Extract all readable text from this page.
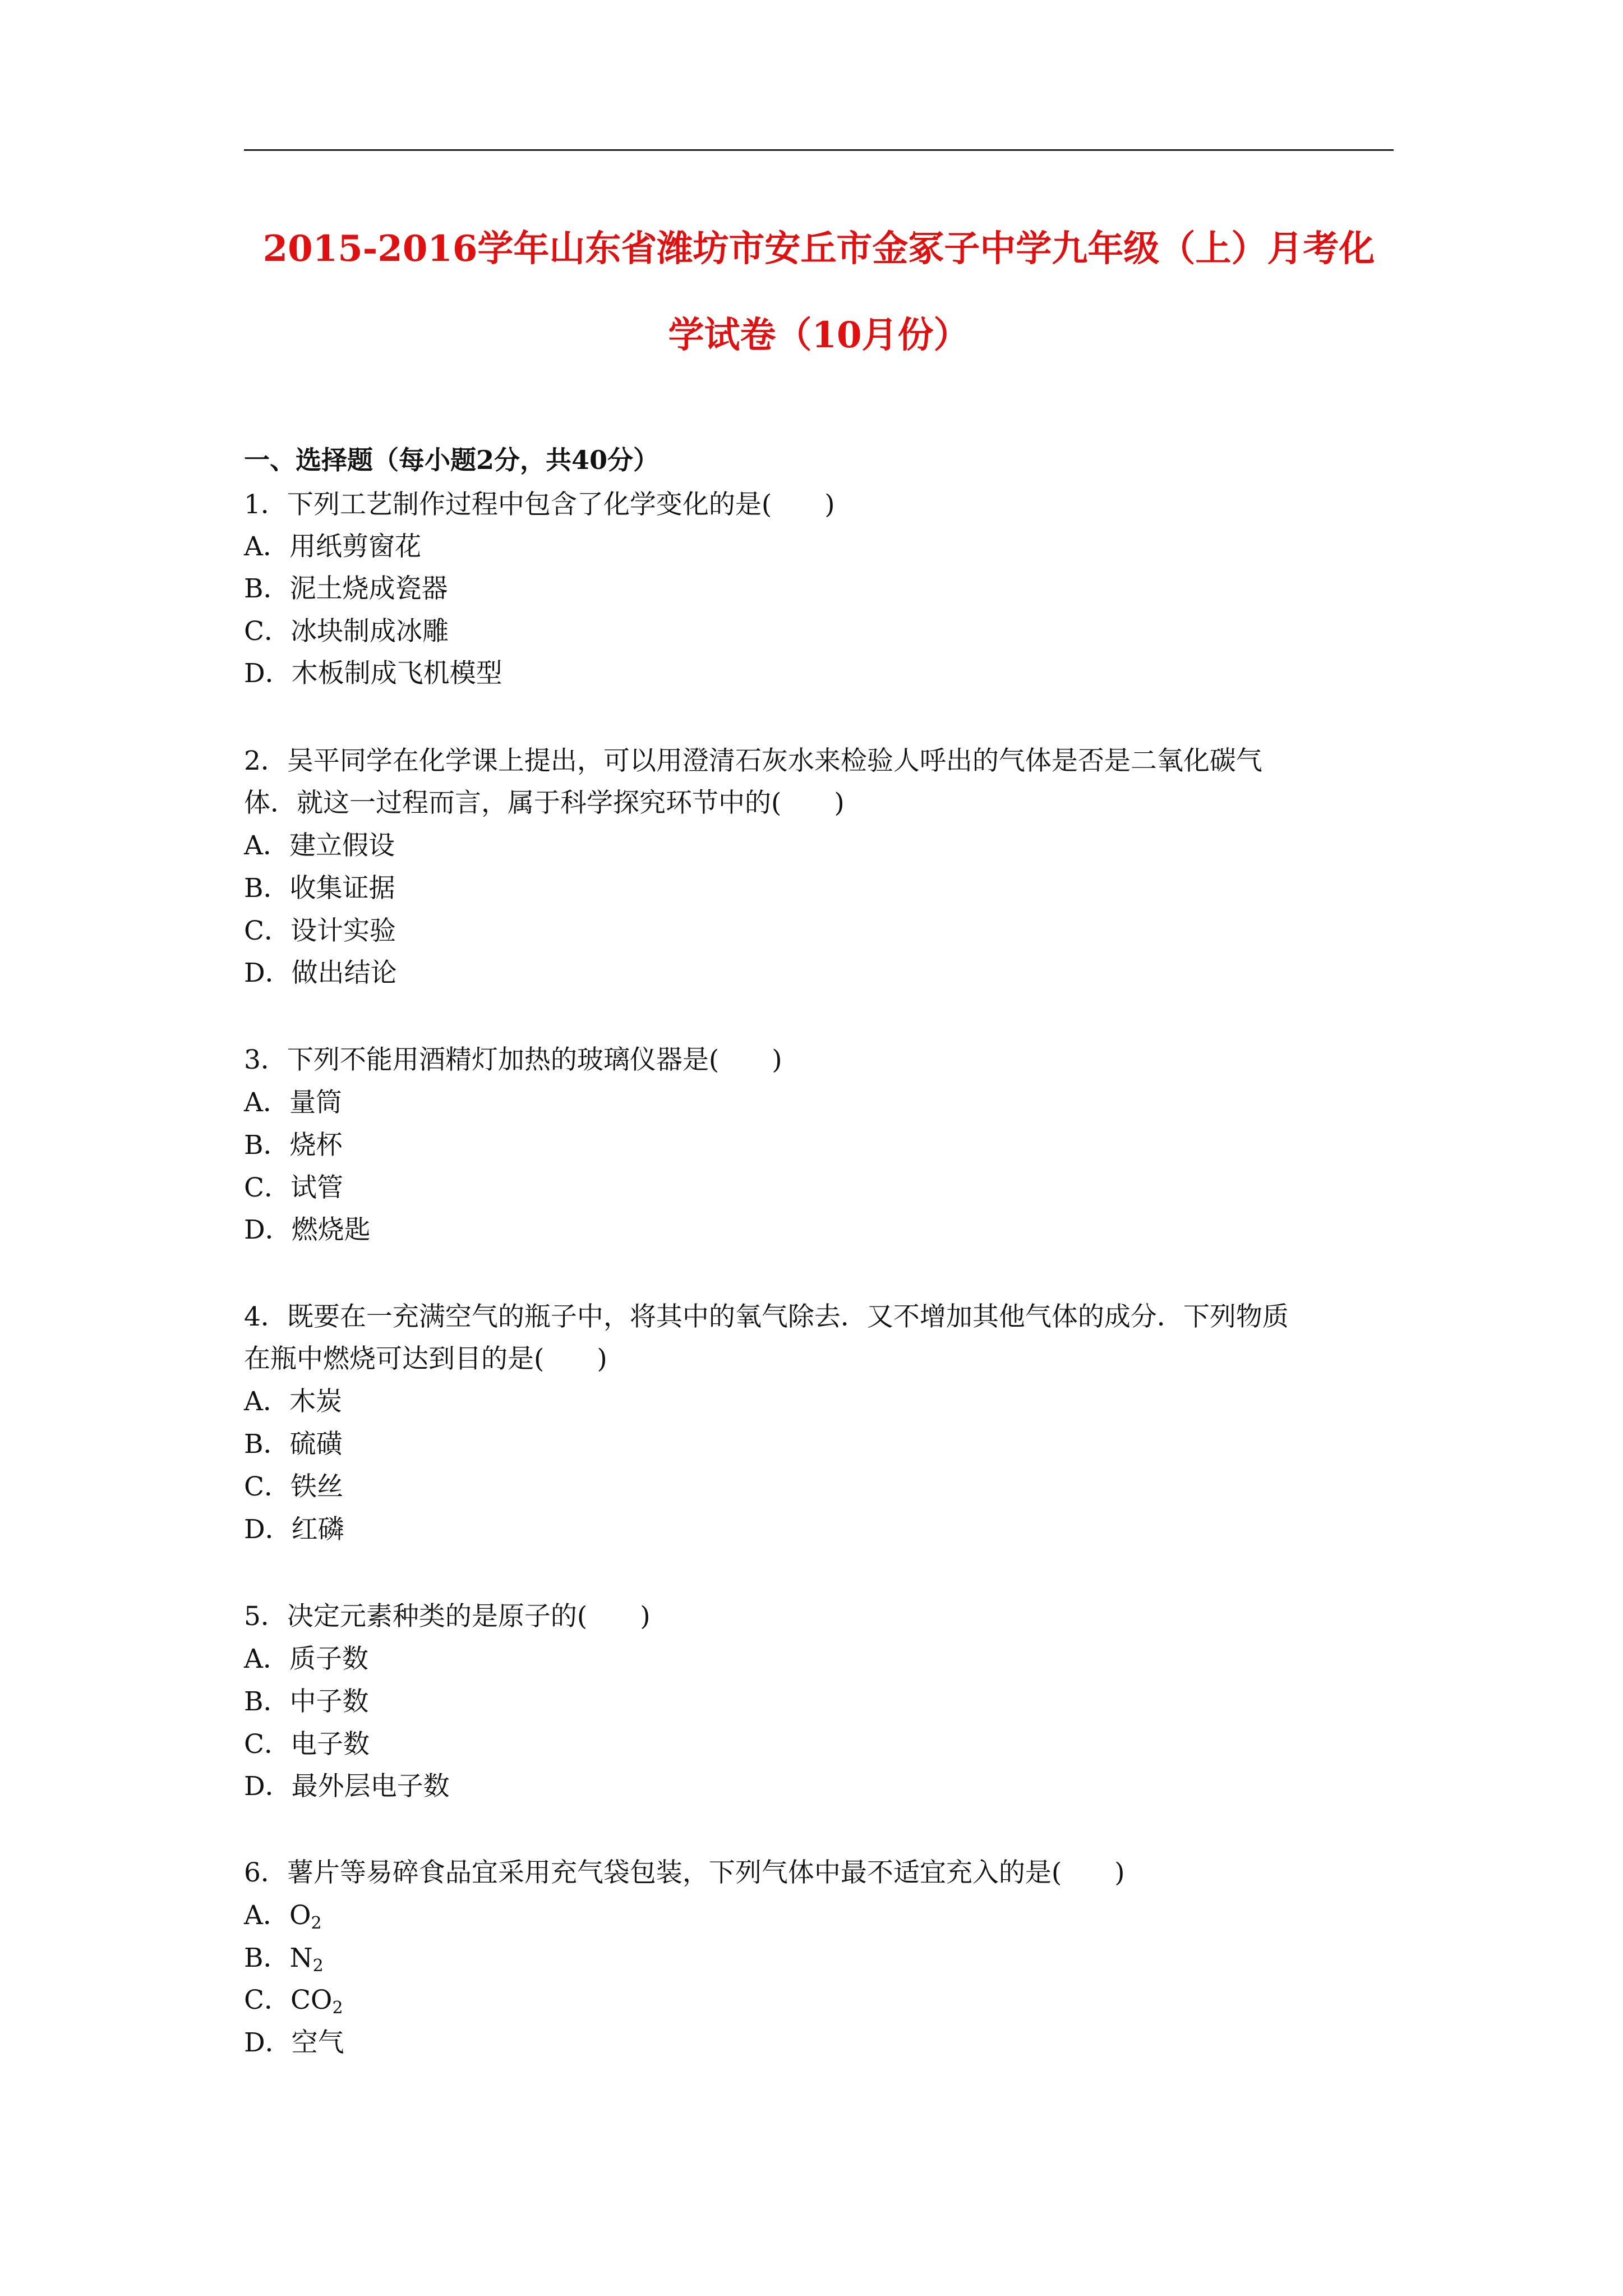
2015-2016学年山东省潍坊市安丘市金冢子中学九年级（上）月考化
学试卷（10月份）
一、选择题（每小题2分，共40分）
1．下列工艺制作过程中包含了化学变化的是(　　)
A．用纸剪窗花
B．泥土烧成瓷器
C．冰块制成冰雕
D．木板制成飞机模型
2．吴平同学在化学课上提出，可以用澄清石灰水来检验人呼出的气体是否是二氧化碳气
体．就这一过程而言，属于科学探究环节中的(　　)
A．建立假设
B．收集证据
C．设计实验
D．做出结论
3．下列不能用酒精灯加热的玻璃仪器是(　　)
A．量筒
B．烧杯
C．试管
D．燃烧匙
4．既要在一充满空气的瓶子中，将其中的氧气除去．又不增加其他气体的成分．下列物质
在瓶中燃烧可达到目的是(　　)
A．木炭
B．硫磺
C．铁丝
D．红磷
5．决定元素种类的是原子的(　　)
A．质子数
B．中子数
C．电子数
D．最外层电子数
6．薯片等易碎食品宜采用充气袋包装，下列气体中最不适宜充入的是(　　)
A．$O_2$
B．$N_2$
C．$CO_2$
D．空气
